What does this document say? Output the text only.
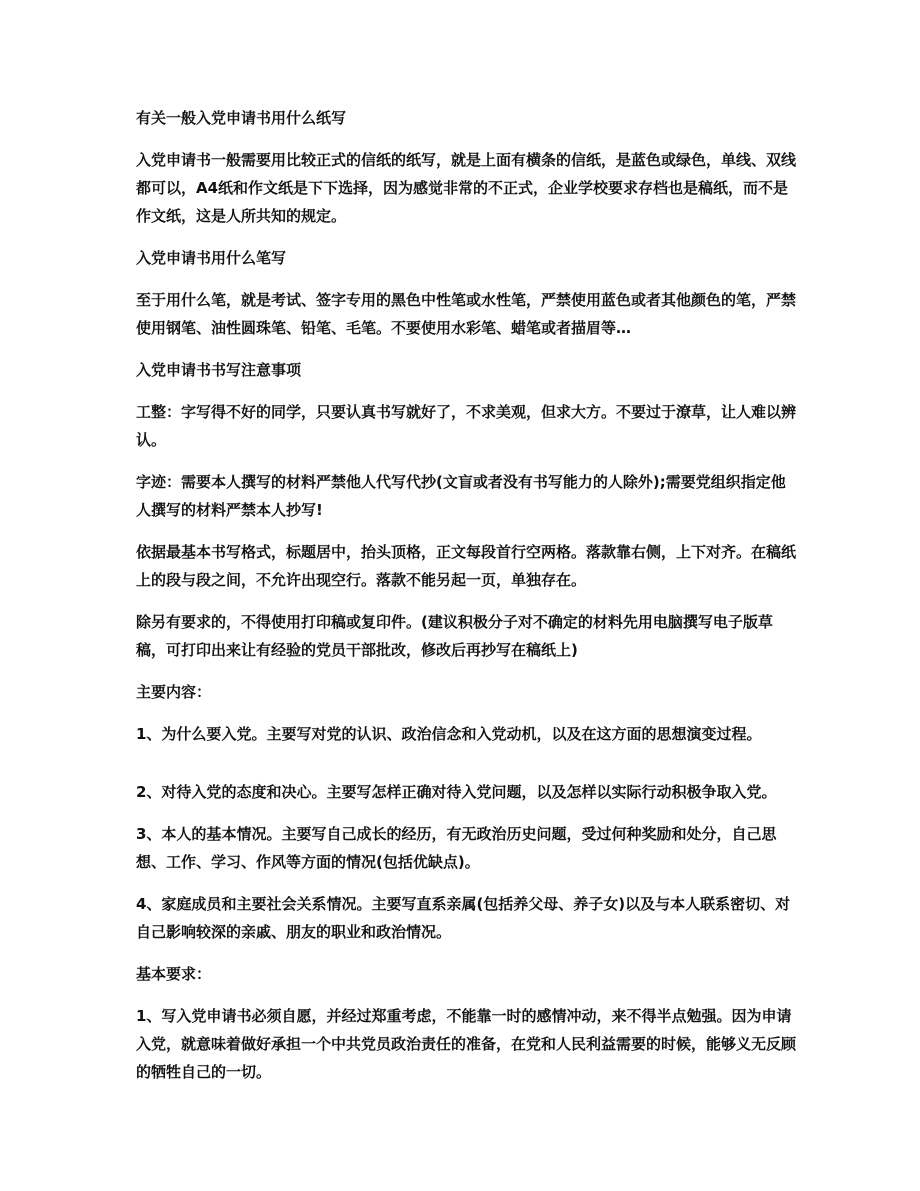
有关一般入党申请书用什么纸写
入党申请书一般需要用比较正式的信纸的纸写，就是上面有横条的信纸，是蓝色或绿色，单线、双线都可以，A4纸和作文纸是下下选择，因为感觉非常的不正式，企业学校要求存档也是稿纸，而不是作文纸，这是人所共知的规定。
入党申请书用什么笔写
至于用什么笔，就是考试、签字专用的黑色中性笔或水性笔，严禁使用蓝色或者其他颜色的笔，严禁使用钢笔、油性圆珠笔、铅笔、毛笔。不要使用水彩笔、蜡笔或者描眉等…
入党申请书书写注意事项
工整：字写得不好的同学，只要认真书写就好了，不求美观，但求大方。不要过于潦草，让人难以辨认。
字迹：需要本人撰写的材料严禁他人代写代抄(文盲或者没有书写能力的人除外);需要党组织指定他人撰写的材料严禁本人抄写!
依据最基本书写格式，标题居中，抬头顶格，正文每段首行空两格。落款靠右侧，上下对齐。在稿纸上的段与段之间，不允许出现空行。落款不能另起一页，单独存在。
除另有要求的，不得使用打印稿或复印件。(建议积极分子对不确定的材料先用电脑撰写电子版草稿，可打印出来让有经验的党员干部批改，修改后再抄写在稿纸上)
主要内容：
1、为什么要入党。主要写对党的认识、政治信念和入党动机，以及在这方面的思想演变过程。
2、对待入党的态度和决心。主要写怎样正确对待入党问题，以及怎样以实际行动积极争取入党。
3、本人的基本情况。主要写自己成长的经历，有无政治历史问题，受过何种奖励和处分，自己思想、工作、学习、作风等方面的情况(包括优缺点)。
4、家庭成员和主要社会关系情况。主要写直系亲属(包括养父母、养子女)以及与本人联系密切、对自己影响较深的亲戚、朋友的职业和政治情况。
基本要求：
1、写入党申请书必须自愿，并经过郑重考虑，不能靠一时的感情冲动，来不得半点勉强。因为申请入党，就意味着做好承担一个中共党员政治责任的准备，在党和人民利益需要的时候，能够义无反顾的牺牲自己的一切。
